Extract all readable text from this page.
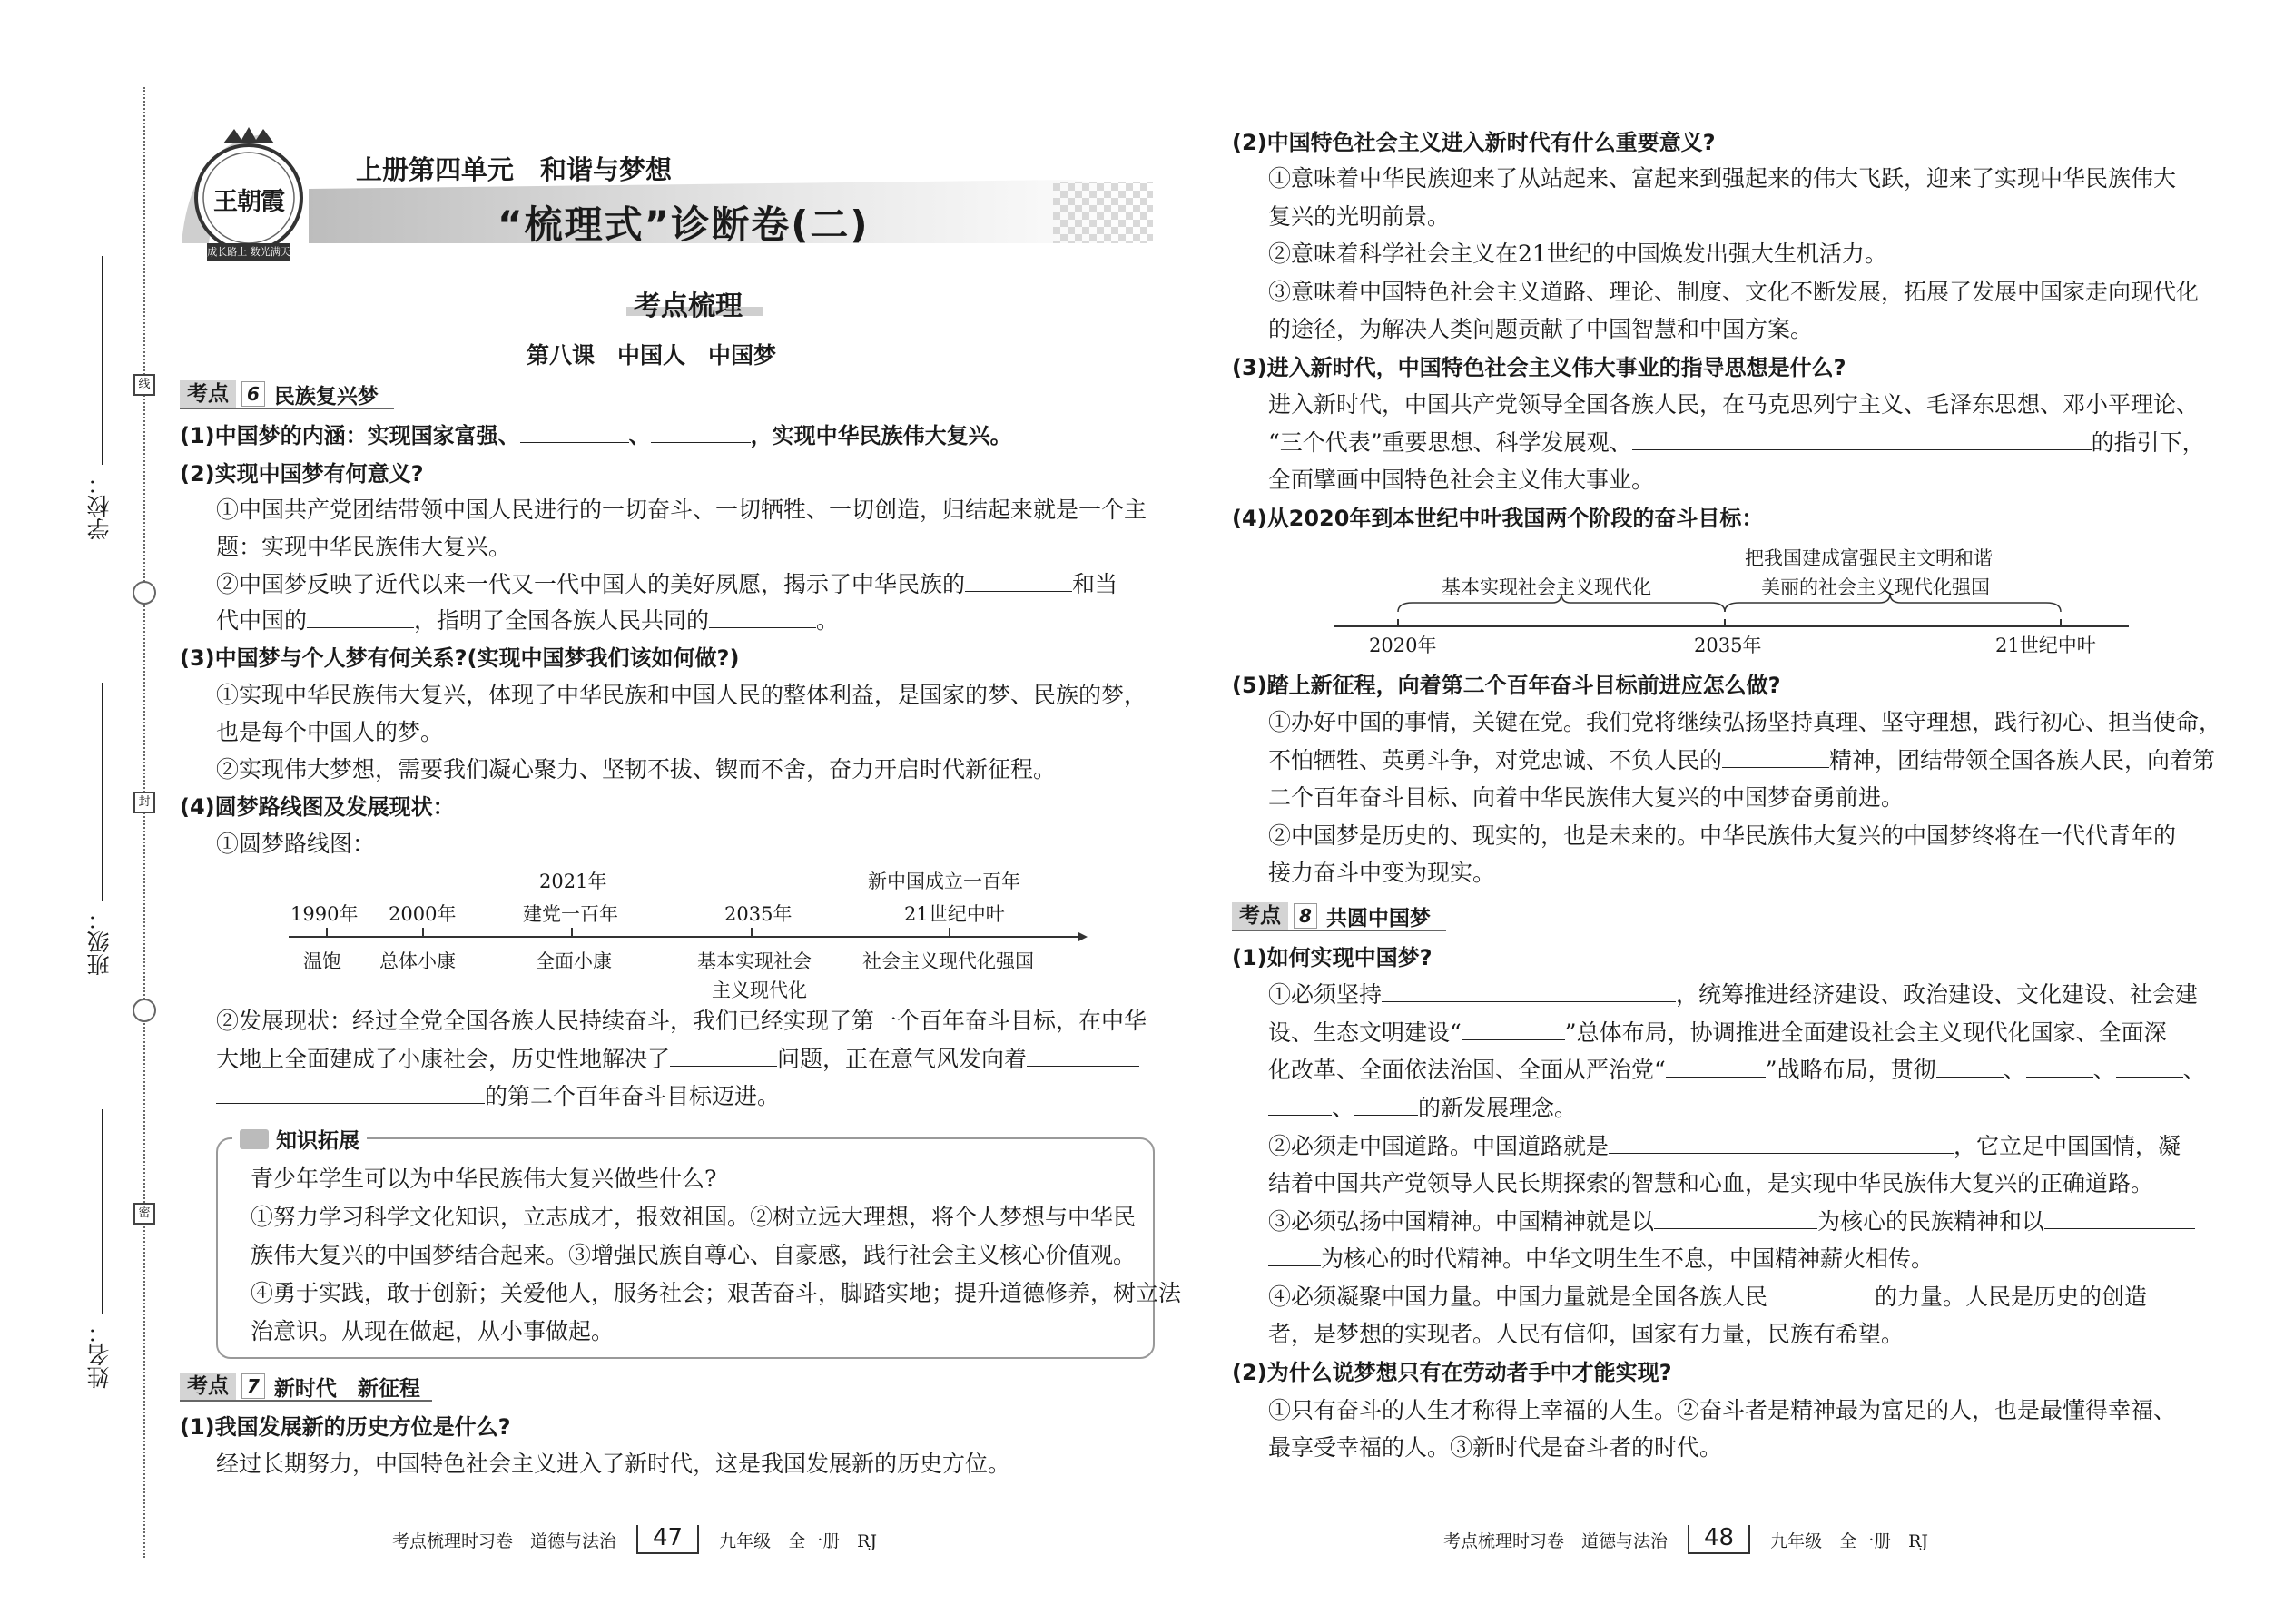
线
封
密
学校：
班级：
姓名：
王朝霞
成长路上 数光满天
上册第四单元　和谐与梦想
“梳理式”诊断卷(二)
考点梳理
第八课　中国人　中国梦
考点	6 民族复兴梦
(1)中国梦的内涵：实现国家富强、	、	，实现中华民族伟大复兴。
(2)实现中国梦有何意义?
①中国共产党团结带领中国人民进行的一切奋斗、一切牺牲、一切创造，归结起来就是一个主
题：实现中华民族伟大复兴。
②中国梦反映了近代以来一代又一代中国人的美好夙愿，揭示了中华民族的	和当
代中国的	，指明了全国各族人民共同的	。
(3)中国梦与个人梦有何关系?(实现中国梦我们该如何做?)
①实现中华民族伟大复兴，体现了中华民族和中国人民的整体利益，是国家的梦、民族的梦，
也是每个中国人的梦。
②实现伟大梦想，需要我们凝心聚力、坚韧不拔、锲而不舍，奋力开启时代新征程。
(4)圆梦路线图及发展现状：
①圆梦路线图：
1990年 2000年
2021年
建党一百年	2035年
新中国成立一百年
21世纪中叶
温饱 总体小康	全面小康	基本实现社会
主义现代化
社会主义现代化强国
②发展现状：经过全党全国各族人民持续奋斗，我们已经实现了第一个百年奋斗目标，在中华
大地上全面建成了小康社会，历史性地解决了	问题，正在意气风发向着
的第二个百年奋斗目标迈进。
知识拓展
青少年学生可以为中华民族伟大复兴做些什么?
①努力学习科学文化知识，立志成才，报效祖国。②树立远大理想，将个人梦想与中华民
族伟大复兴的中国梦结合起来。③增强民族自尊心、自豪感，践行社会主义核心价值观。
④勇于实践，敢于创新；关爱他人，服务社会；艰苦奋斗，脚踏实地；提升道德修养，树立法
治意识。从现在做起，从小事做起。
考点	7 新时代　新征程
(1)我国发展新的历史方位是什么?
经过长期努力，中国特色社会主义进入了新时代，这是我国发展新的历史方位。
(2)中国特色社会主义进入新时代有什么重要意义?
①意味着中华民族迎来了从站起来、富起来到强起来的伟大飞跃，迎来了实现中华民族伟大
复兴的光明前景。
②意味着科学社会主义在21世纪的中国焕发出强大生机活力。
③意味着中国特色社会主义道路、理论、制度、文化不断发展，拓展了发展中国家走向现代化
的途径，为解决人类问题贡献了中国智慧和中国方案。
(3)进入新时代，中国特色社会主义伟大事业的指导思想是什么?
进入新时代，中国共产党领导全国各族人民，在马克思列宁主义、毛泽东思想、邓小平理论、
“三个代表”重要思想、科学发展观、	的指引下，
全面擘画中国特色社会主义伟大事业。
(4)从2020年到本世纪中叶我国两个阶段的奋斗目标：
把我国建成富强民主文明和谐
美丽的社会主义现代化强国
基本实现社会主义现代化
2020年	2035年	21世纪中叶
(5)踏上新征程，向着第二个百年奋斗目标前进应怎么做?
①办好中国的事情，关键在党。我们党将继续弘扬坚持真理、坚守理想，践行初心、担当使命，
不怕牺牲、英勇斗争，对党忠诚、不负人民的	精神，团结带领全国各族人民，向着第
二个百年奋斗目标、向着中华民族伟大复兴的中国梦奋勇前进。
②中国梦是历史的、现实的，也是未来的。中华民族伟大复兴的中国梦终将在一代代青年的
接力奋斗中变为现实。
考点	8 共圆中国梦
(1)如何实现中国梦?
①必须坚持	，统筹推进经济建设、政治建设、文化建设、社会建
设、生态文明建设“	”总体布局，协调推进全面建设社会主义现代化国家、全面深
化改革、全面依法治国、全面从严治党“	”战略布局，贯彻	、	、	、
、	的新发展理念。
②必须走中国道路。中国道路就是	，它立足中国国情，凝
结着中国共产党领导人民长期探索的智慧和心血，是实现中华民族伟大复兴的正确道路。
③必须弘扬中国精神。中国精神就是以	为核心的民族精神和以
为核心的时代精神。中华文明生生不息，中国精神薪火相传。
④必须凝聚中国力量。中国力量就是全国各族人民	的力量。人民是历史的创造
者，是梦想的实现者。人民有信仰，国家有力量，民族有希望。
(2)为什么说梦想只有在劳动者手中才能实现?
①只有奋斗的人生才称得上幸福的人生。②奋斗者是精神最为富足的人，也是最懂得幸福、
最享受幸福的人。③新时代是奋斗者的时代。
考点梳理时习卷　道德与法治	47	九年级　全一册　RJ	考点梳理时习卷　道德与法治	48	九年级　全一册　RJ
